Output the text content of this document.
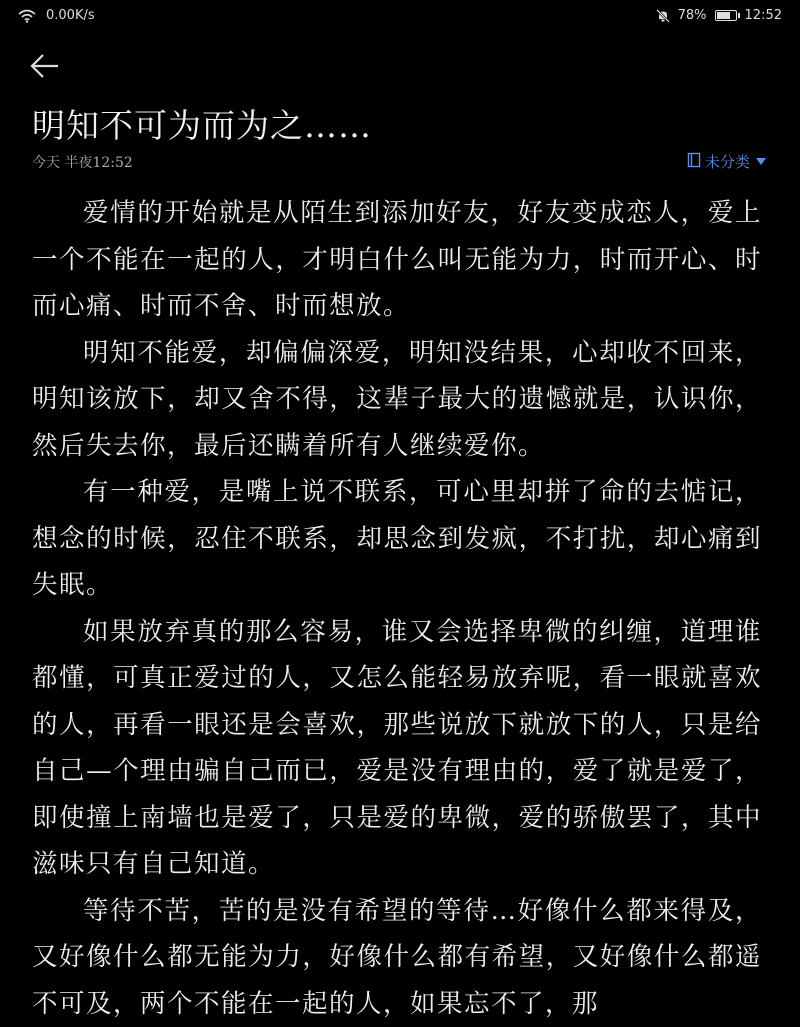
0.00K/s	78%	12:52
明知不可为而为之……
今天 半夜12:52	未分类

爱情的开始就是从陌生到添加好友，好友变成恋人，爱上一个不能在一起的人，才明白什么叫无能为力，时而开心、时而心痛、时而不舍、时而想放。

明知不能爱，却偏偏深爱，明知没结果，心却收不回来，明知该放下，却又舍不得，这辈子最大的遗憾就是，认识你，然后失去你，最后还瞒着所有人继续爱你。

有一种爱，是嘴上说不联系，可心里却拼了命的去惦记，想念的时候，忍住不联系，却思念到发疯，不打扰，却心痛到失眠。

如果放弃真的那么容易，谁又会选择卑微的纠缠，道理谁都懂，可真正爱过的人，又怎么能轻易放弃呢，看一眼就喜欢的人，再看一眼还是会喜欢，那些说放下就放下的人，只是给自己—个理由骗自己而已，爱是没有理由的，爱了就是爱了，即使撞上南墙也是爱了，只是爱的卑微，爱的骄傲罢了，其中滋味只有自己知道。

等待不苦，苦的是没有希望的等待…好像什么都来得及，又好像什么都无能为力，好像什么都有希望，又好像什么都遥不可及，两个不能在一起的人，如果忘不了，那
